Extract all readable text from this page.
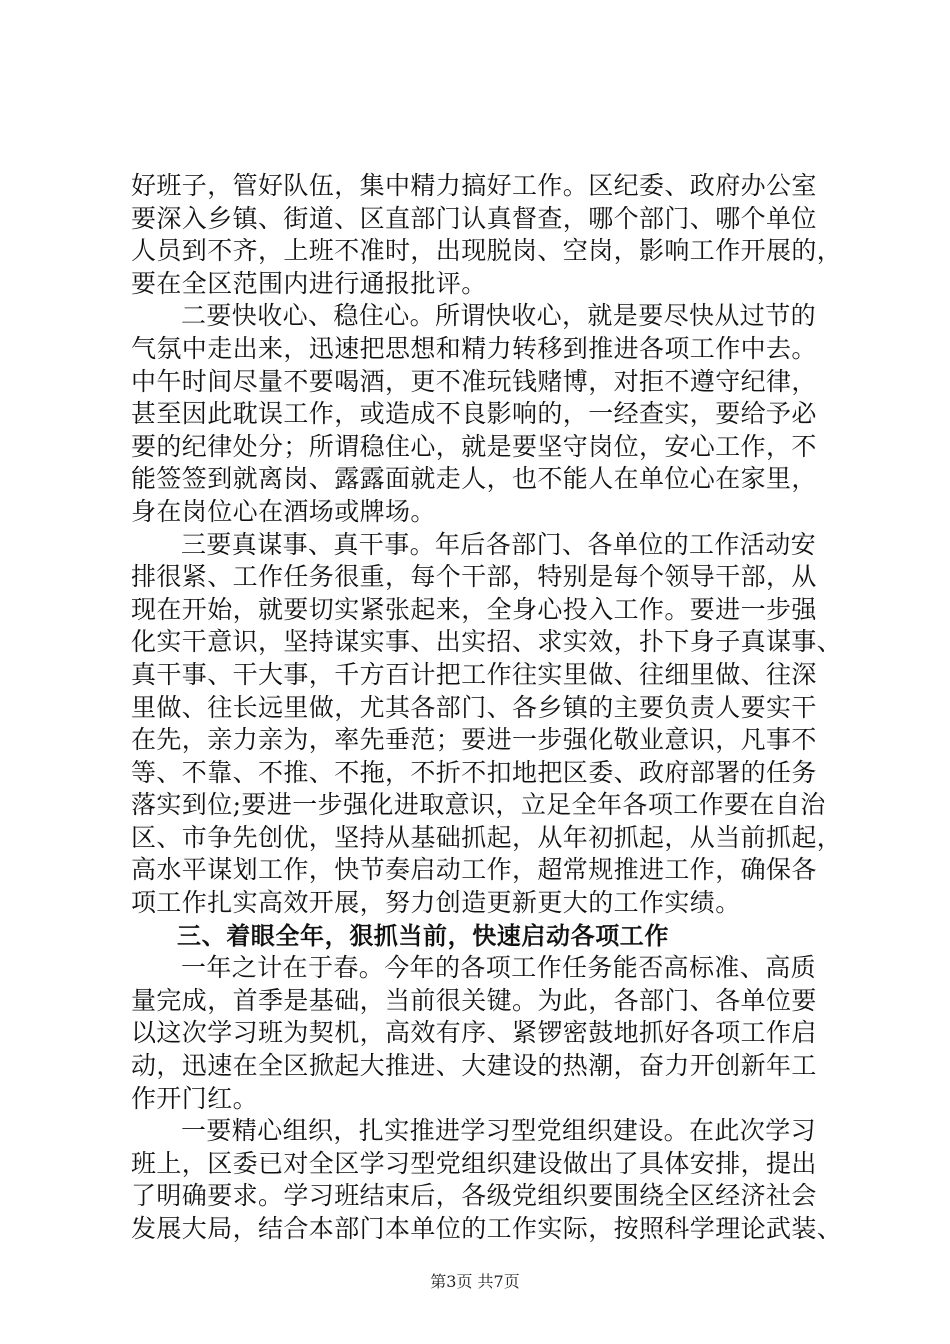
好班子，管好队伍，集中精力搞好工作。区纪委、政府办公室
要深入乡镇、街道、区直部门认真督查，哪个部门、哪个单位
人员到不齐，上班不准时，出现脱岗、空岗，影响工作开展的，
要在全区范围内进行通报批评。
二要快收心、稳住心。所谓快收心，就是要尽快从过节的
气氛中走出来，迅速把思想和精力转移到推进各项工作中去。
中午时间尽量不要喝酒，更不准玩钱赌博，对拒不遵守纪律，
甚至因此耽误工作，或造成不良影响的，一经查实，要给予必
要的纪律处分；所谓稳住心，就是要坚守岗位，安心工作，不
能签签到就离岗、露露面就走人，也不能人在单位心在家里，
身在岗位心在酒场或牌场。
三要真谋事、真干事。年后各部门、各单位的工作活动安
排很紧、工作任务很重，每个干部，特别是每个领导干部，从
现在开始，就要切实紧张起来，全身心投入工作。要进一步强
化实干意识，坚持谋实事、出实招、求实效，扑下身子真谋事、
真干事、干大事，千方百计把工作往实里做、往细里做、往深
里做、往长远里做，尤其各部门、各乡镇的主要负责人要实干
在先，亲力亲为，率先垂范；要进一步强化敬业意识，凡事不
等、不靠、不推、不拖，不折不扣地把区委、政府部署的任务
落实到位;要进一步强化进取意识，立足全年各项工作要在自治
区、市争先创优，坚持从基础抓起，从年初抓起，从当前抓起，
高水平谋划工作，快节奏启动工作，超常规推进工作，确保各
项工作扎实高效开展，努力创造更新更大的工作实绩。
三、着眼全年，狠抓当前，快速启动各项工作
一年之计在于春。今年的各项工作任务能否高标准、高质
量完成，首季是基础，当前很关键。为此，各部门、各单位要
以这次学习班为契机，高效有序、紧锣密鼓地抓好各项工作启
动，迅速在全区掀起大推进、大建设的热潮，奋力开创新年工
作开门红。
一要精心组织，扎实推进学习型党组织建设。在此次学习
班上，区委已对全区学习型党组织建设做出了具体安排，提出
了明确要求。学习班结束后，各级党组织要围绕全区经济社会
发展大局，结合本部门本单位的工作实际，按照科学理论武装、
第3页 共7页
